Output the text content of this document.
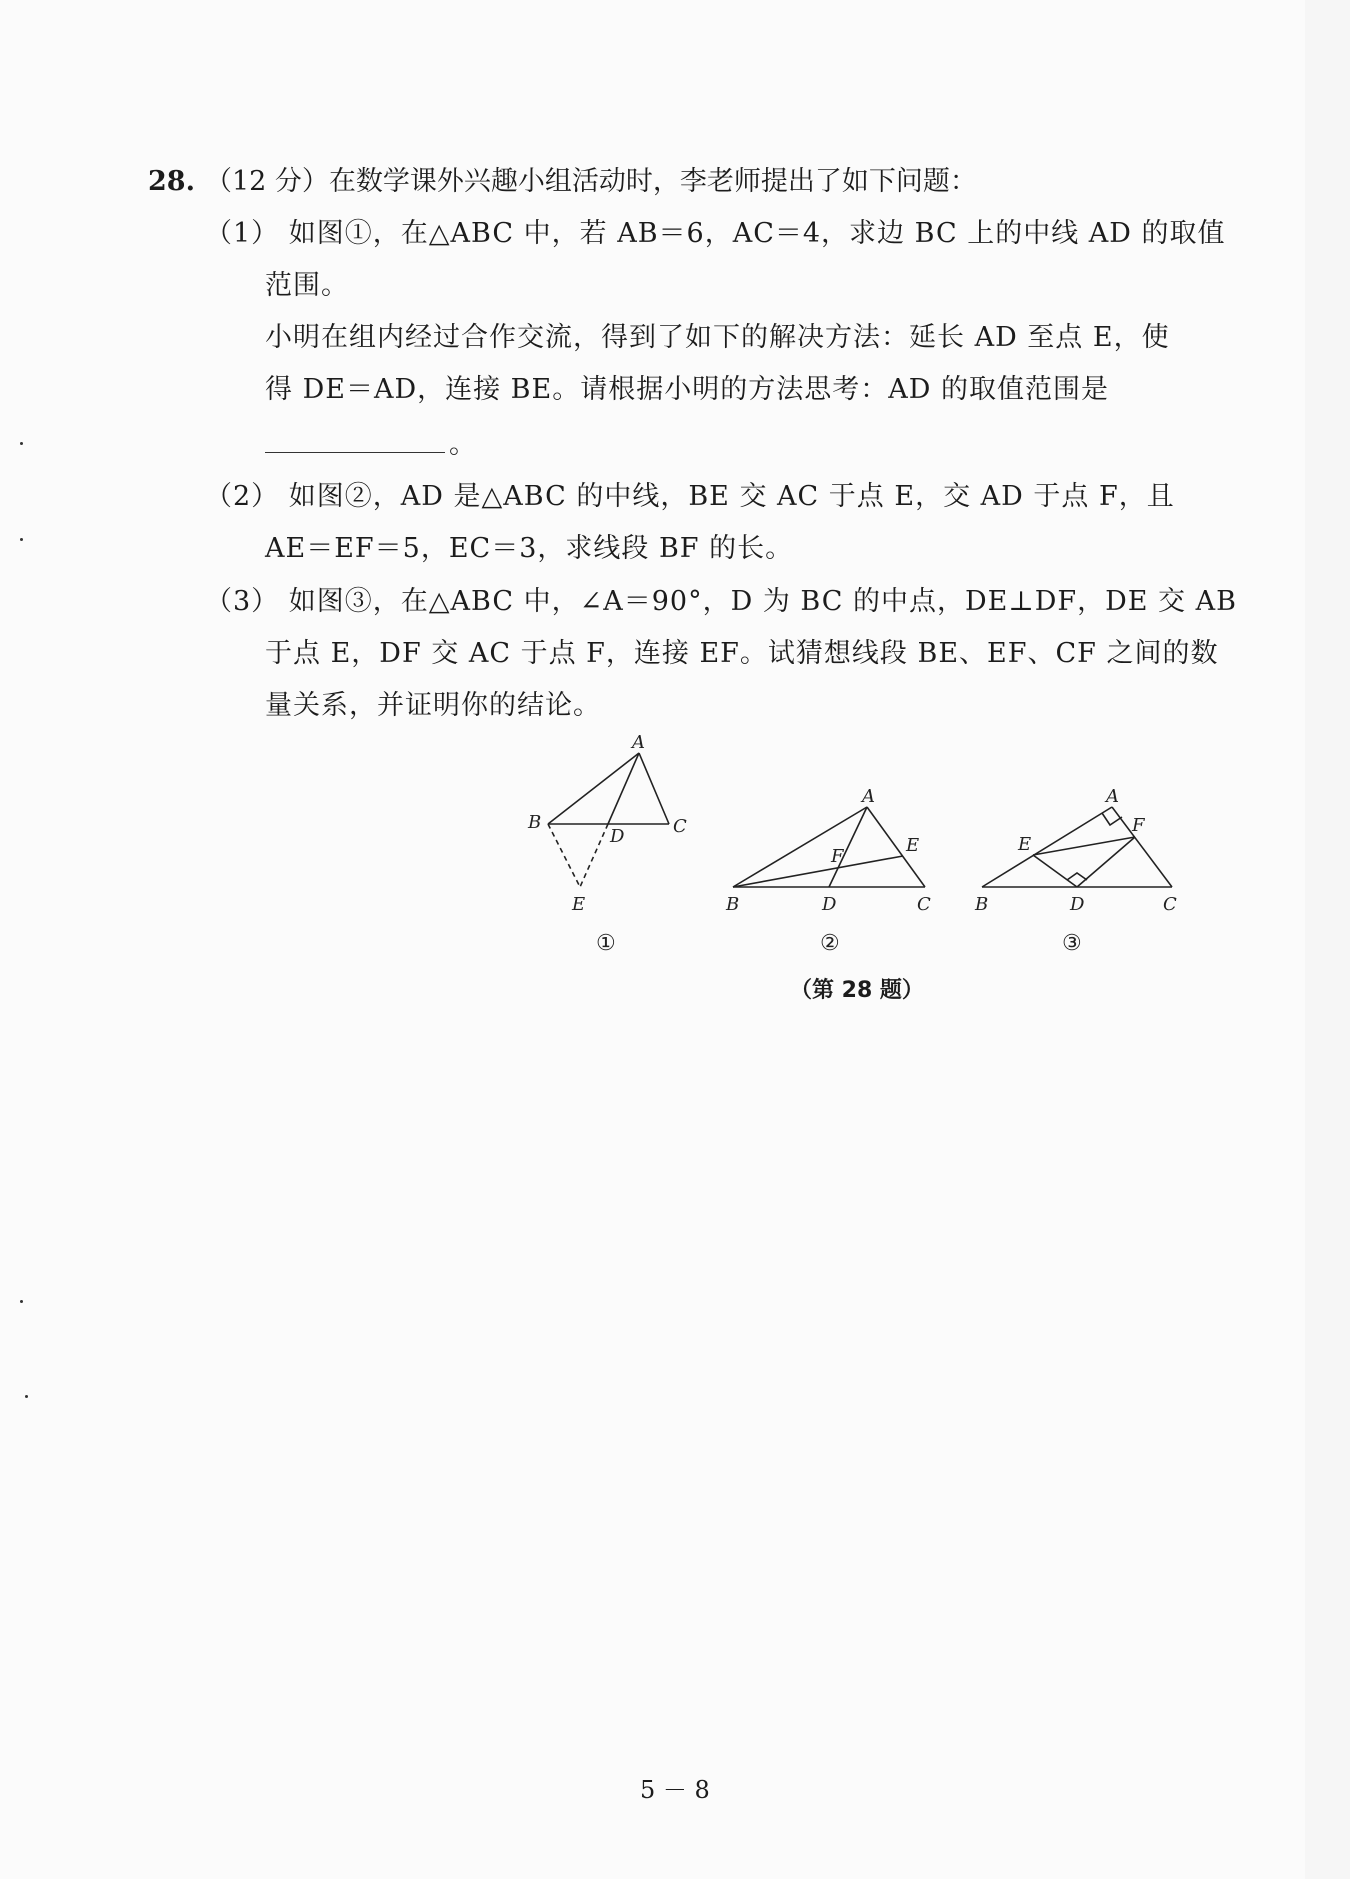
28. （12 分）在数学课外兴趣小组活动时，李老师提出了如下问题：
（1） 如图①，在△ABC 中，若 AB＝6，AC＝4，求边 BC 上的中线 AD 的取值
范围。
小明在组内经过合作交流，得到了如下的解决方法：延长 AD 至点 E，使
得 DE＝AD，连接 BE。请根据小明的方法思考：AD 的取值范围是
。
（2） 如图②，AD 是△ABC 的中线，BE 交 AC 于点 E，交 AD 于点 F，且
AE＝EF＝5，EC＝3，求线段 BF 的长。
（3） 如图③，在△ABC 中，∠A＝90°，D 为 BC 的中点，DE⊥DF，DE 交 AB
于点 E，DF 交 AC 于点 F，连接 EF。试猜想线段 BE、EF、CF 之间的数
量关系，并证明你的结论。
A
B	C
D
E
①
A
B	C
D
E
F
②
A
B	C
D
E
F
③
（第 28 题）
5 － 8
